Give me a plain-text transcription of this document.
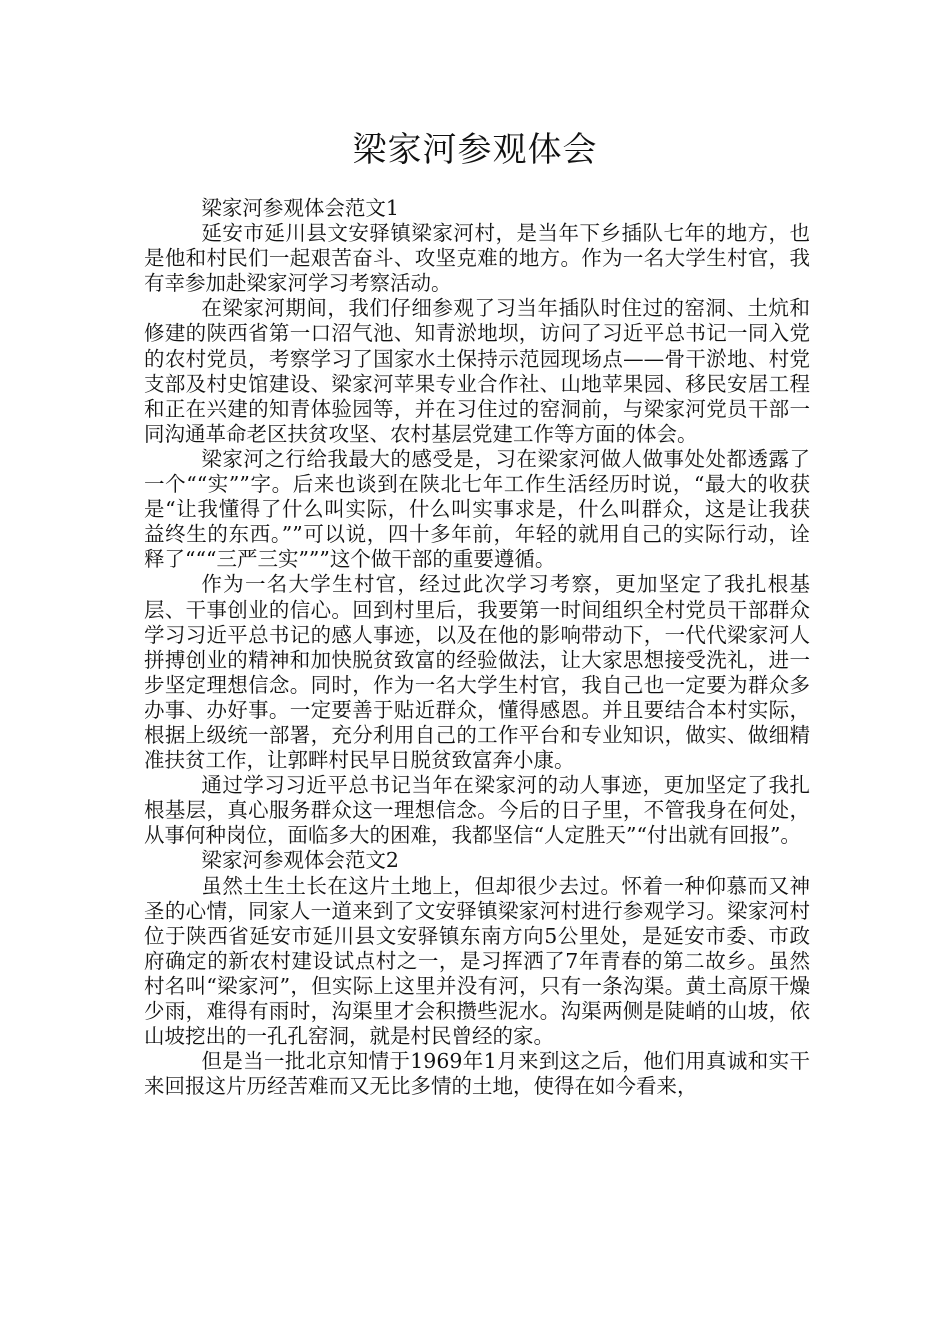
梁家河参观体会

梁家河参观体会范文1

延安市延川县文安驿镇梁家河村，是当年下乡插队七年的地方，也是他和村民们一起艰苦奋斗、攻坚克难的地方。作为一名大学生村官，我有幸参加赴梁家河学习考察活动。

在梁家河期间，我们仔细参观了习当年插队时住过的窑洞、土炕和修建的陕西省第一口沼气池、知青淤地坝，访问了习近平总书记一同入党的农村党员，考察学习了国家水土保持示范园现场点——骨干淤地、村党支部及村史馆建设、梁家河苹果专业合作社、山地苹果园、移民安居工程和正在兴建的知青体验园等，并在习住过的窑洞前，与梁家河党员干部一同沟通革命老区扶贫攻坚、农村基层党建工作等方面的体会。

梁家河之行给我最大的感受是，习在梁家河做人做事处处都透露了一个““实””字。后来也谈到在陕北七年工作生活经历时说，“最大的收获是“让我懂得了什么叫实际，什么叫实事求是，什么叫群众，这是让我获益终生的东西。””可以说，四十多年前，年轻的就用自己的实际行动，诠释了“““三严三实”””这个做干部的重要遵循。

作为一名大学生村官，经过此次学习考察，更加坚定了我扎根基层、干事创业的信心。回到村里后，我要第一时间组织全村党员干部群众学习习近平总书记的感人事迹，以及在他的影响带动下，一代代梁家河人拼搏创业的精神和加快脱贫致富的经验做法，让大家思想接受洗礼，进一步坚定理想信念。同时，作为一名大学生村官，我自己也一定要为群众多办事、办好事。一定要善于贴近群众，懂得感恩。并且要结合本村实际，根据上级统一部署，充分利用自己的工作平台和专业知识，做实、做细精准扶贫工作，让郭畔村民早日脱贫致富奔小康。

通过学习习近平总书记当年在梁家河的动人事迹，更加坚定了我扎根基层，真心服务群众这一理想信念。今后的日子里，不管我身在何处，从事何种岗位，面临多大的困难，我都坚信“人定胜天”“付出就有回报”。

梁家河参观体会范文2

虽然土生土长在这片土地上，但却很少去过。怀着一种仰慕而又神圣的心情，同家人一道来到了文安驿镇梁家河村进行参观学习。梁家河村位于陕西省延安市延川县文安驿镇东南方向5公里处，是延安市委、市政府确定的新农村建设试点村之一，是习挥洒了7年青春的第二故乡。虽然村名叫“梁家河”，但实际上这里并没有河，只有一条沟渠。黄土高原干燥少雨，难得有雨时，沟渠里才会积攒些泥水。沟渠两侧是陡峭的山坡，依山坡挖出的一孔孔窑洞，就是村民曾经的家。

但是当一批北京知情于1969年1月来到这之后，他们用真诚和实干来回报这片历经苦难而又无比多情的土地，使得在如今看来，
